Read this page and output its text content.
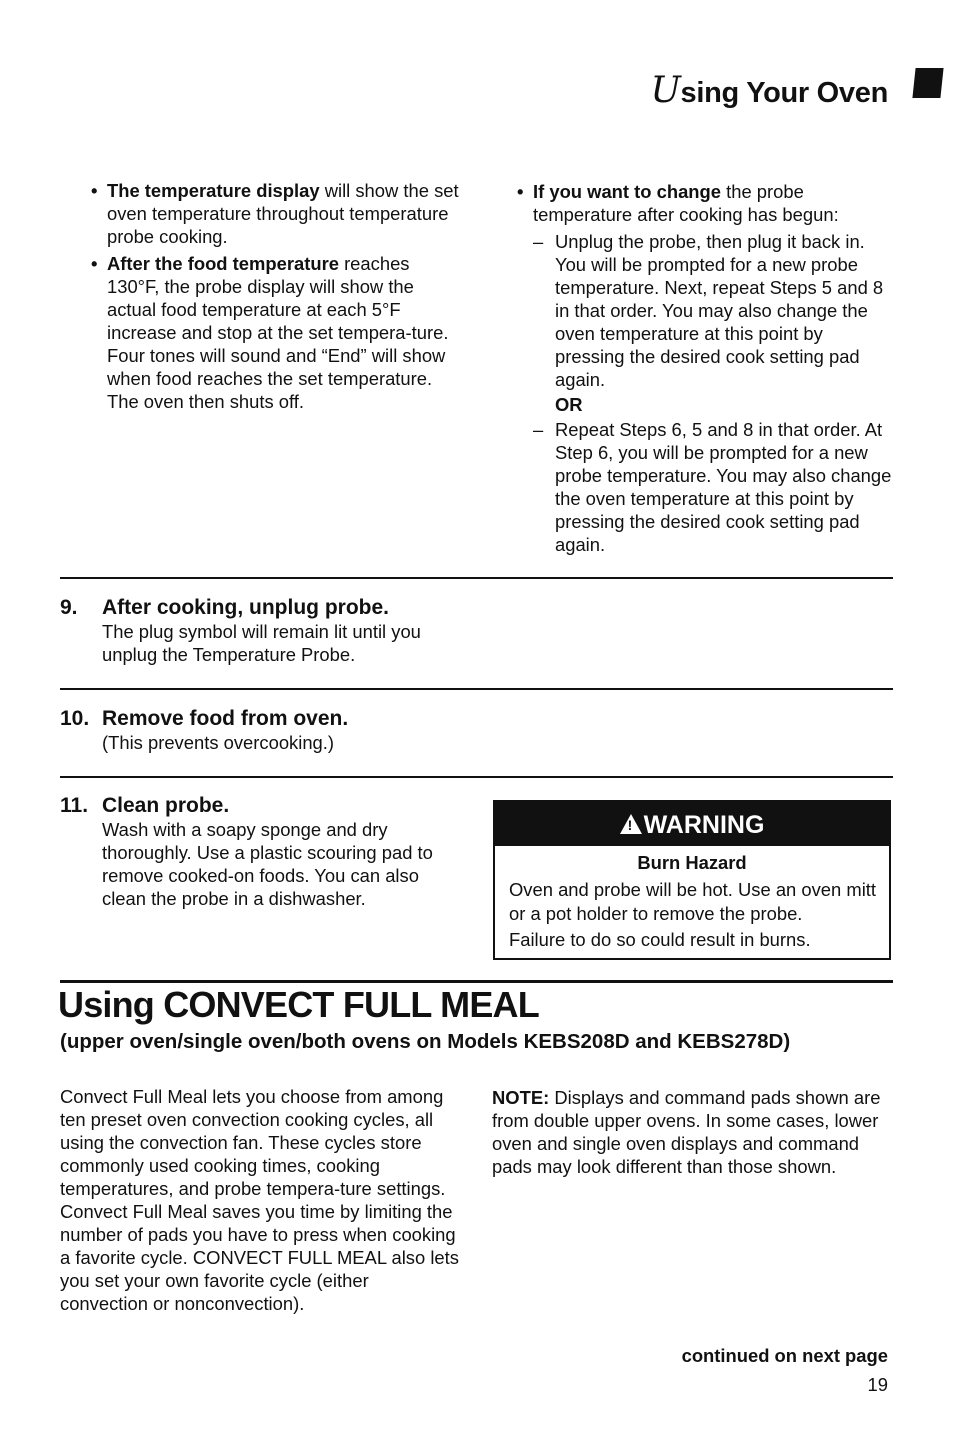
Using Your Oven

• The temperature display will show the set oven temperature throughout temperature probe cooking.

• After the food temperature reaches 130°F, the probe display will show the actual food temperature at each 5°F increase and stop at the set tempera-ture. Four tones will sound and “End” will show when food reaches the set temperature. The oven then shuts off.

• If you want to change the probe temperature after cooking has begun:

– Unplug the probe, then plug it back in. You will be prompted for a new probe temperature. Next, repeat Steps 5 and 8 in that order. You may also change the oven temperature at this point by pressing the desired cook setting pad again.

OR

– Repeat Steps 6, 5 and 8 in that order. At Step 6, you will be prompted for a new probe temperature. You may also change the oven temperature at this point by pressing the desired cook setting pad again.

9. After cooking, unplug probe.
The plug symbol will remain lit until you unplug the Temperature Probe.
10. Remove food from oven.
(This prevents overcooking.)
11. Clean probe.
Wash with a soapy sponge and dry thoroughly. Use a plastic scouring pad to remove cooked-on foods. You can also clean the probe in a dishwasher.
! WARNING
Burn Hazard
Oven and probe will be hot. Use an oven mitt or a pot holder to remove the probe.
Failure to do so could result in burns.
Using CONVECT FULL MEAL
(upper oven/single oven/both ovens on Models KEBS208D and KEBS278D)
Convect Full Meal lets you choose from among ten preset oven convection cooking cycles, all using the convection fan. These cycles store commonly used cooking times, cooking temperatures, and probe tempera-ture settings. Convect Full Meal saves you time by limiting the number of pads you have to press when cooking a favorite cycle. CONVECT FULL MEAL also lets you set your own favorite cycle (either convection or nonconvection).
NOTE: Displays and command pads shown are from double upper ovens. In some cases, lower oven and single oven displays and command pads may look different than those shown.
continued on next page
19
